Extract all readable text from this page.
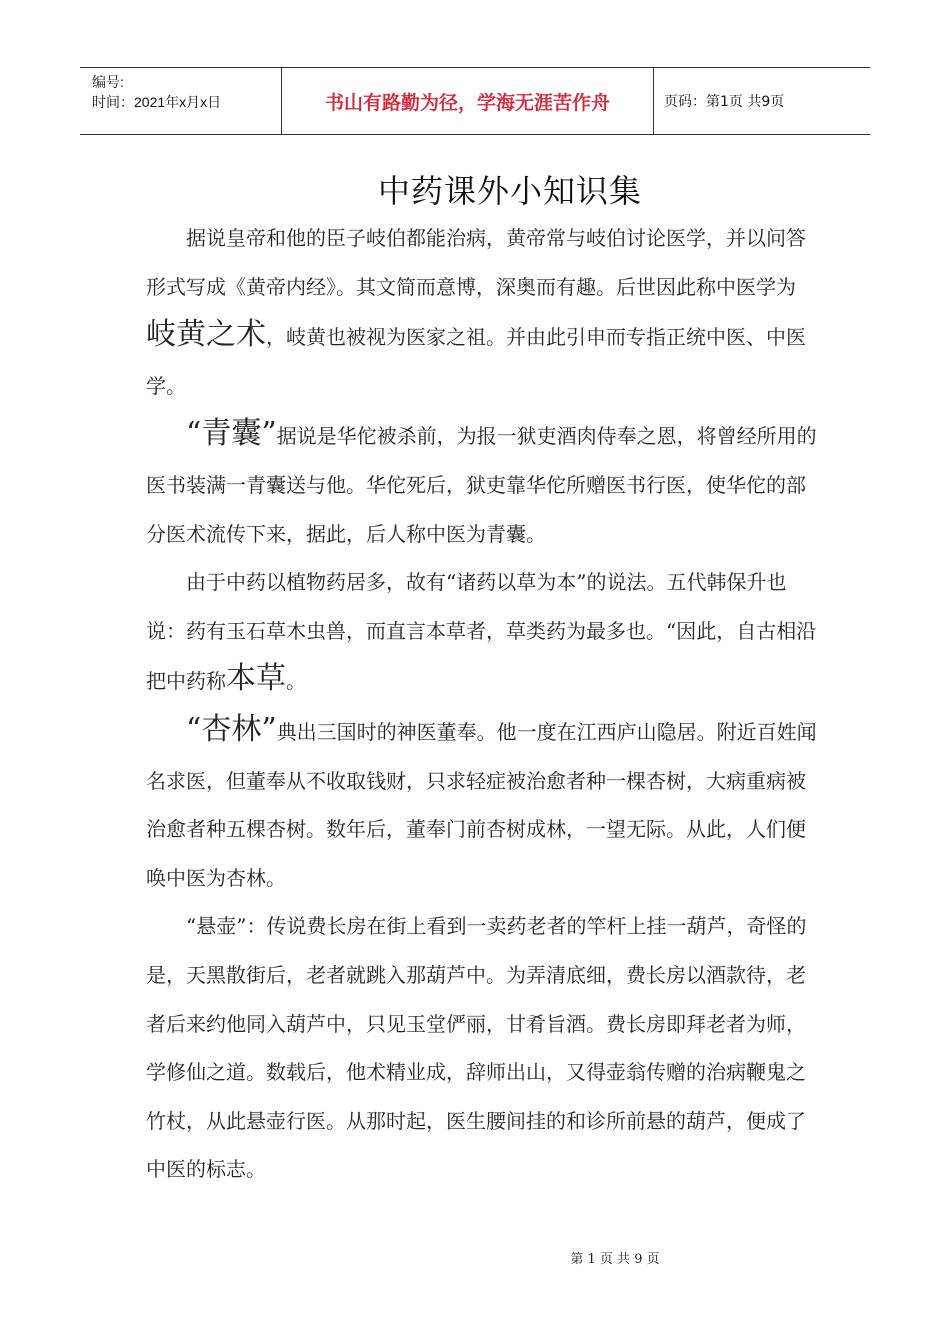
编号:
时间：2021年x月x日	书山有路勤为径，学海无涯苦作舟	页码：第1页 共9页
中药课外小知识集

据说皇帝和他的臣子岐伯都能治病，黄帝常与岐伯讨论医学，并以问答形式写成《黄帝内经》。其文简而意博，深奥而有趣。后世因此称中医学为岐黄之术，岐黄也被视为医家之祖。并由此引申而专指正统中医、中医学。

“青囊”据说是华佗被杀前，为报一狱吏酒肉侍奉之恩，将曾经所用的医书装满一青囊送与他。华佗死后，狱吏靠华佗所赠医书行医，使华佗的部分医术流传下来，据此，后人称中医为青囊。

由于中药以植物药居多，故有“诸药以草为本”的说法。五代韩保升也说：药有玉石草木虫兽，而直言本草者，草类药为最多也。“因此，自古相沿把中药称本草。

“杏林”典出三国时的神医董奉。他一度在江西庐山隐居。附近百姓闻名求医，但董奉从不收取钱财，只求轻症被治愈者种一棵杏树，大病重病被治愈者种五棵杏树。数年后，董奉门前杏树成林，一望无际。从此，人们便唤中医为杏林。

“悬壶”：传说费长房在街上看到一卖药老者的竿杆上挂一葫芦，奇怪的是，天黑散街后，老者就跳入那葫芦中。为弄清底细，费长房以酒款待，老者后来约他同入葫芦中，只见玉堂俨丽，甘肴旨酒。费长房即拜老者为师，学修仙之道。数载后，他术精业成，辞师出山，又得壶翁传赠的治病鞭鬼之竹杖，从此悬壶行医。从那时起，医生腰间挂的和诊所前悬的葫芦，便成了中医的标志。

第 1 页 共 9 页
